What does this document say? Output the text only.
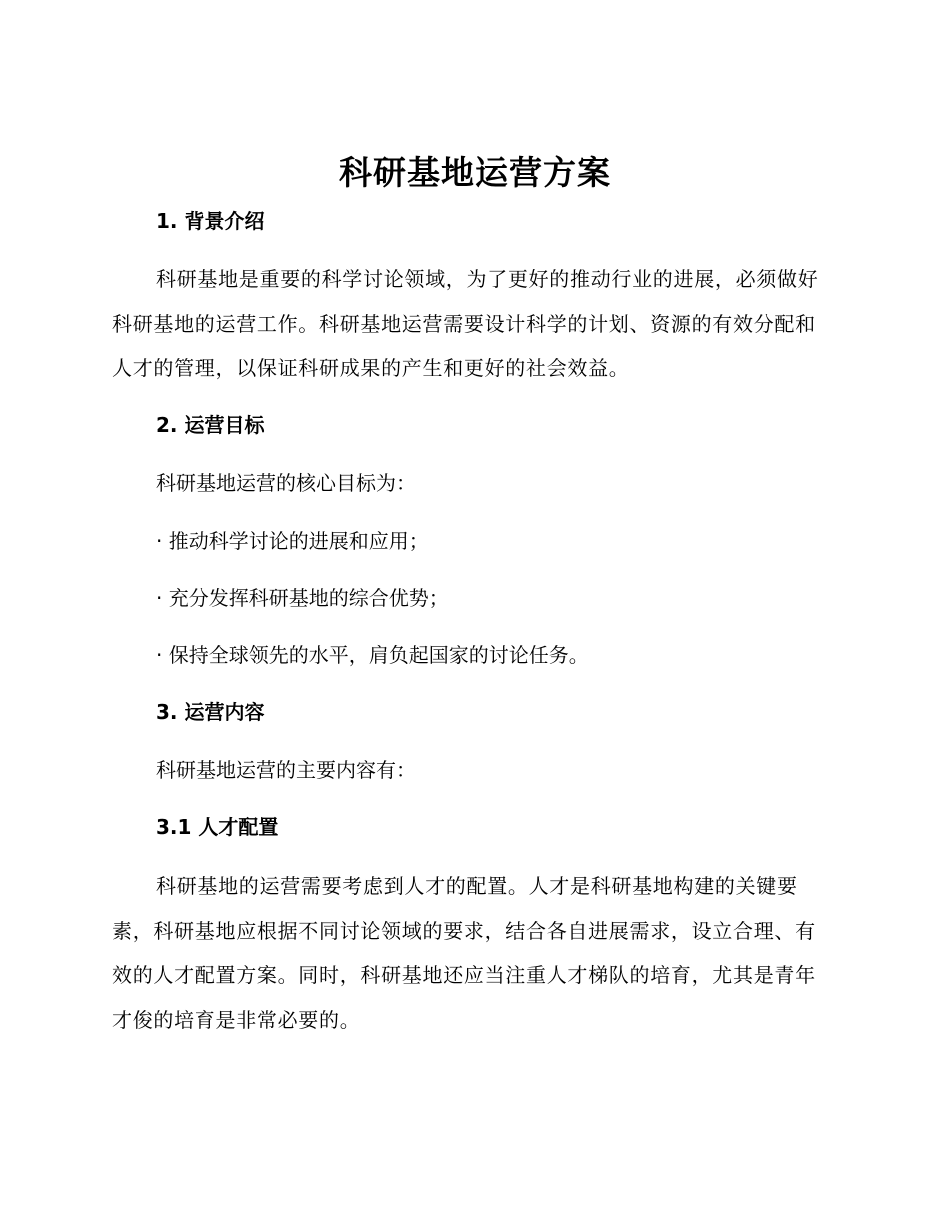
科研基地运营方案
1. 背景介绍
科研基地是重要的科学讨论领域，为了更好的推动行业的进展，必须做好科研基地的运营工作。科研基地运营需要设计科学的计划、资源的有效分配和人才的管理，以保证科研成果的产生和更好的社会效益。
2. 运营目标
科研基地运营的核心目标为：
· 推动科学讨论的进展和应用；
· 充分发挥科研基地的综合优势；
· 保持全球领先的水平，肩负起国家的讨论任务。
3. 运营内容
科研基地运营的主要内容有：
3.1 人才配置
科研基地的运营需要考虑到人才的配置。人才是科研基地构建的关键要素，科研基地应根据不同讨论领域的要求，结合各自进展需求，设立合理、有效的人才配置方案。同时，科研基地还应当注重人才梯队的培育，尤其是青年才俊的培育是非常必要的。
